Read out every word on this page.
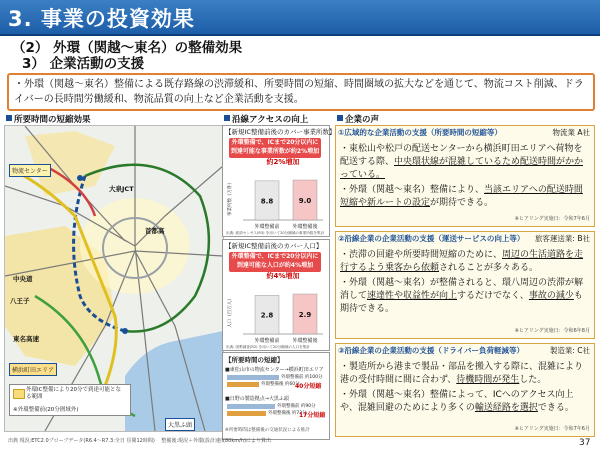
3. 事業の投資効果
（2） 外環（関越～東名）の整備効果
3） 企業活動の支援
・外環（関越～東名）整備による既存路線の渋滞緩和、所要時間の短縮、時間圏域の拡大などを通じて、物流コスト削減、ドライバーの長時間労働緩和、物流品質の向上など企業活動を支援。
所要時間の短縮効果	沿線アクセスの向上	企業の声
物流センター
大泉JCT
中央道
八王子
首都高
東名高速
横浜町田エリア
大黒ふ頭
外環IC整備により20分で到達可能となる範囲
※外環整備前(20分圏域外)
【新規IC整備前後のカバー事業所数】
外環整備で、ICまで20分以内に到達可能な事業所数が約2%増加
事業所数（万件）
約2%増加
8.8
外環整備前
9.0
外環整備後
出典: 経済センサス(R3) を用いて20分圏域の事業所数を集計
【新規IC整備前後のカバー人口】
外環整備で、ICまで20分以内に到達可能な人口が約4%増加
人口（百万人）
約4%増加
2.8
外環整備前
2.9
外環整備後
出典: 国勢調査(R2) を用いて20分圏域の人口を集計
【所要時間の短縮】
■東松山市の物流センター→横浜町田エリア
外環整備前 約100分
外環整備後 約60分
40分短縮
■日野の製造拠点→大黒ふ頭
外環整備前 約90分
外環整備後 約73分
17分短縮
※所要時間は整備後の交通状況による推計
①広域的な企業活動の支援（所要時間の短縮等）	物流業 A社

・東松山や松戸の配送センターから横浜町田エリアへ荷物を配送する際、中央環状線が混雑しているため配送時間がかかっている。

・外環（関越～東名）整備により、当該エリアへの配送時間短縮や新ルートの設定が期待できる。

※ヒアリング実施日：令和7年6月
②沿線企業の企業活動の支援（運送サービスの向上等） 旅客運送業: B社

・渋滞の回避や所要時間短縮のために、周辺の生活道路を走行するよう乗客から依頼されることが多々ある。

・外環（関越～東名）が整備されると、環八周辺の渋滞が解消して速達性や収益性が向上するだけでなく、事故の減少も期待できる。

※ヒアリング実施日：令和6年8月
③沿線企業の企業活動の支援（ドライバー負荷軽減等）	製造業: C社

・製造所から港まで製品・部品を搬入する際に、混雑により港の受付時間に間に合わず、待機時間が発生した。

・外環（関越～東名）整備によって、ICへのアクセス向上や、混雑回避のためにより多くの輸送経路を選択できる。

※ヒアリング実施日：令和7年6月
出典 現況:ETC2.0プローブデータ(R6.4～R7.3:全日 昼間12時間)　 整備後:現況＋外環(設計速度80km/h)により算出	37
